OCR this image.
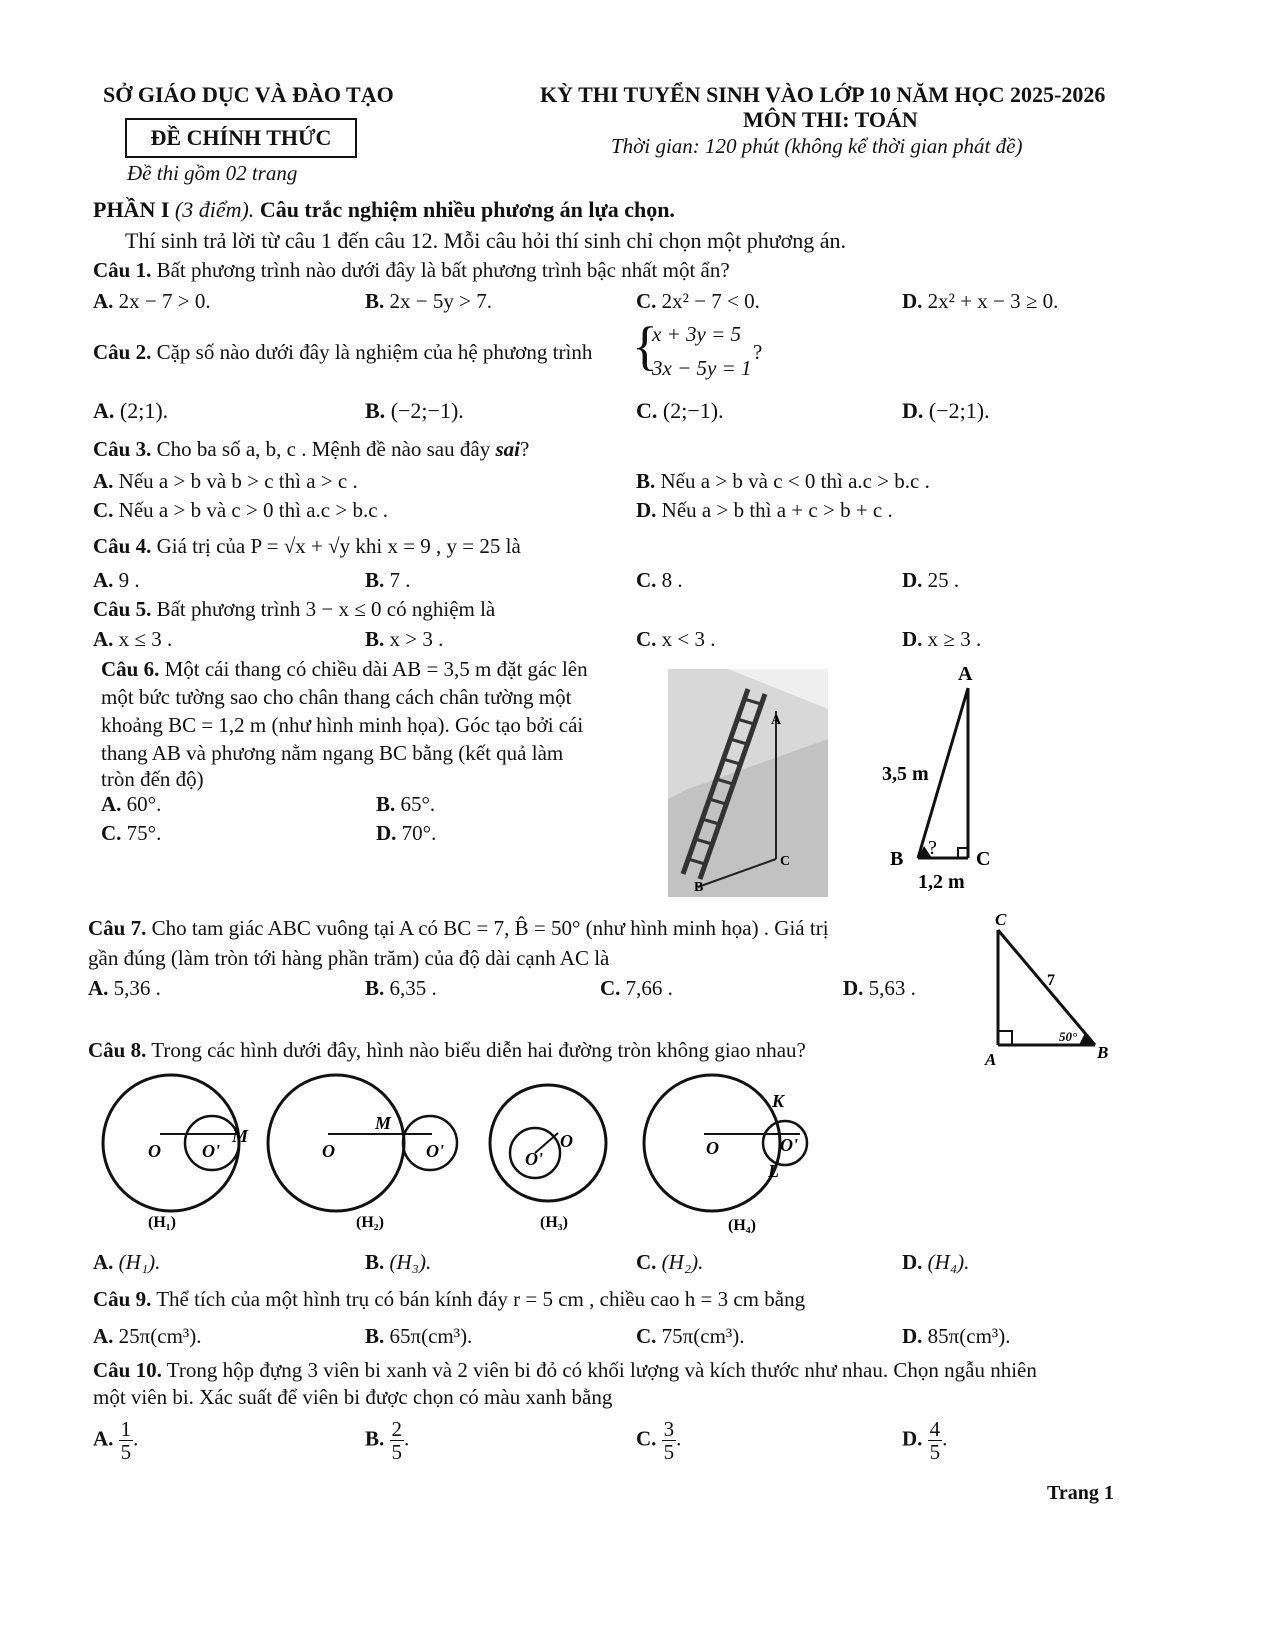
SỞ GIÁO DỤC VÀ ĐÀO TẠO
ĐỀ CHÍNH THỨC
Đề thi gồm 02 trang
KỲ THI TUYỂN SINH VÀO LỚP 10 NĂM HỌC 2025-2026
MÔN THI: TOÁN
Thời gian: 120 phút (không kể thời gian phát đề)
PHẦN I (3 điểm). Câu trắc nghiệm nhiều phương án lựa chọn.
Thí sinh trả lời từ câu 1 đến câu 12. Mỗi câu hỏi thí sinh chỉ chọn một phương án.
Câu 1. Bất phương trình nào dưới đây là bất phương trình bậc nhất một ẩn?
A. 2x − 7 > 0.	B. 2x − 5y > 7.	C. 2x² − 7 < 0.	D. 2x² + x − 3 ≥ 0.
Câu 2. Cặp số nào dưới đây là nghiệm của hệ phương trình {
x + 3y = 5
3x − 5y = 1
?
A. (2;1).	B. (−2;−1).	C. (2;−1).	D. (−2;1).
Câu 3. Cho ba số a, b, c . Mệnh đề nào sau đây sai?
A. Nếu a > b và b > c thì a > c .	B. Nếu a > b và c < 0 thì a.c > b.c .
C. Nếu a > b và c > 0 thì a.c > b.c .	D. Nếu a > b thì a + c > b + c .
Câu 4. Giá trị của P = √x + √y khi x = 9 , y = 25 là
A. 9 .	B. 7 .	C. 8 .	D. 25 .
Câu 5. Bất phương trình 3 − x ≤ 0 có nghiệm là
A. x ≤ 3 .	B. x > 3 .	C. x < 3 .	D. x ≥ 3 .
Câu 6. Một cái thang có chiều dài AB = 3,5 m đặt gác lên
một bức tường sao cho chân thang cách chân tường một
khoảng BC = 1,2 m (như hình minh họa). Góc tạo bởi cái
thang AB và phương nằm ngang BC bằng (kết quả làm
tròn đến độ)
A. 60°.	B. 65°.
C. 75°.	D. 70°.
A
B
C
A
B	C
3,5 m
1,2 m
?
Câu 7. Cho tam giác ABC vuông tại A có BC = 7, B̂ = 50° (như hình minh họa) . Giá trị
gần đúng (làm tròn tới hàng phần trăm) của độ dài cạnh AC là
A. 5,36 .	B. 6,35 .	C. 7,66 .	D. 5,63 .
C
A	B
7
50°
Câu 8. Trong các hình dưới đây, hình nào biểu diễn hai đường tròn không giao nhau?
O O'
M
(H₁)
O	O'
M
(H₂)
O
O'
(H₃)
O	O'
K
L
(H₄)
A. (H₁).	B. (H₃).	C. (H₂).	D. (H₄).
Câu 9. Thể tích của một hình trụ có bán kính đáy r = 5 cm , chiều cao h = 3 cm bằng
A. 25π(cm³).	B. 65π(cm³).	C. 75π(cm³).	D. 85π(cm³).
Câu 10. Trong hộp đựng 3 viên bi xanh và 2 viên bi đỏ có khối lượng và kích thước như nhau. Chọn ngẫu nhiên
một viên bi. Xác suất để viên bi được chọn có màu xanh bằng
A. $\frac{1}{5}$ .	B. $\frac{2}{5}$ .	C. $\frac{3}{5}$ .	D. $\frac{4}{5}$ .
Trang 1
